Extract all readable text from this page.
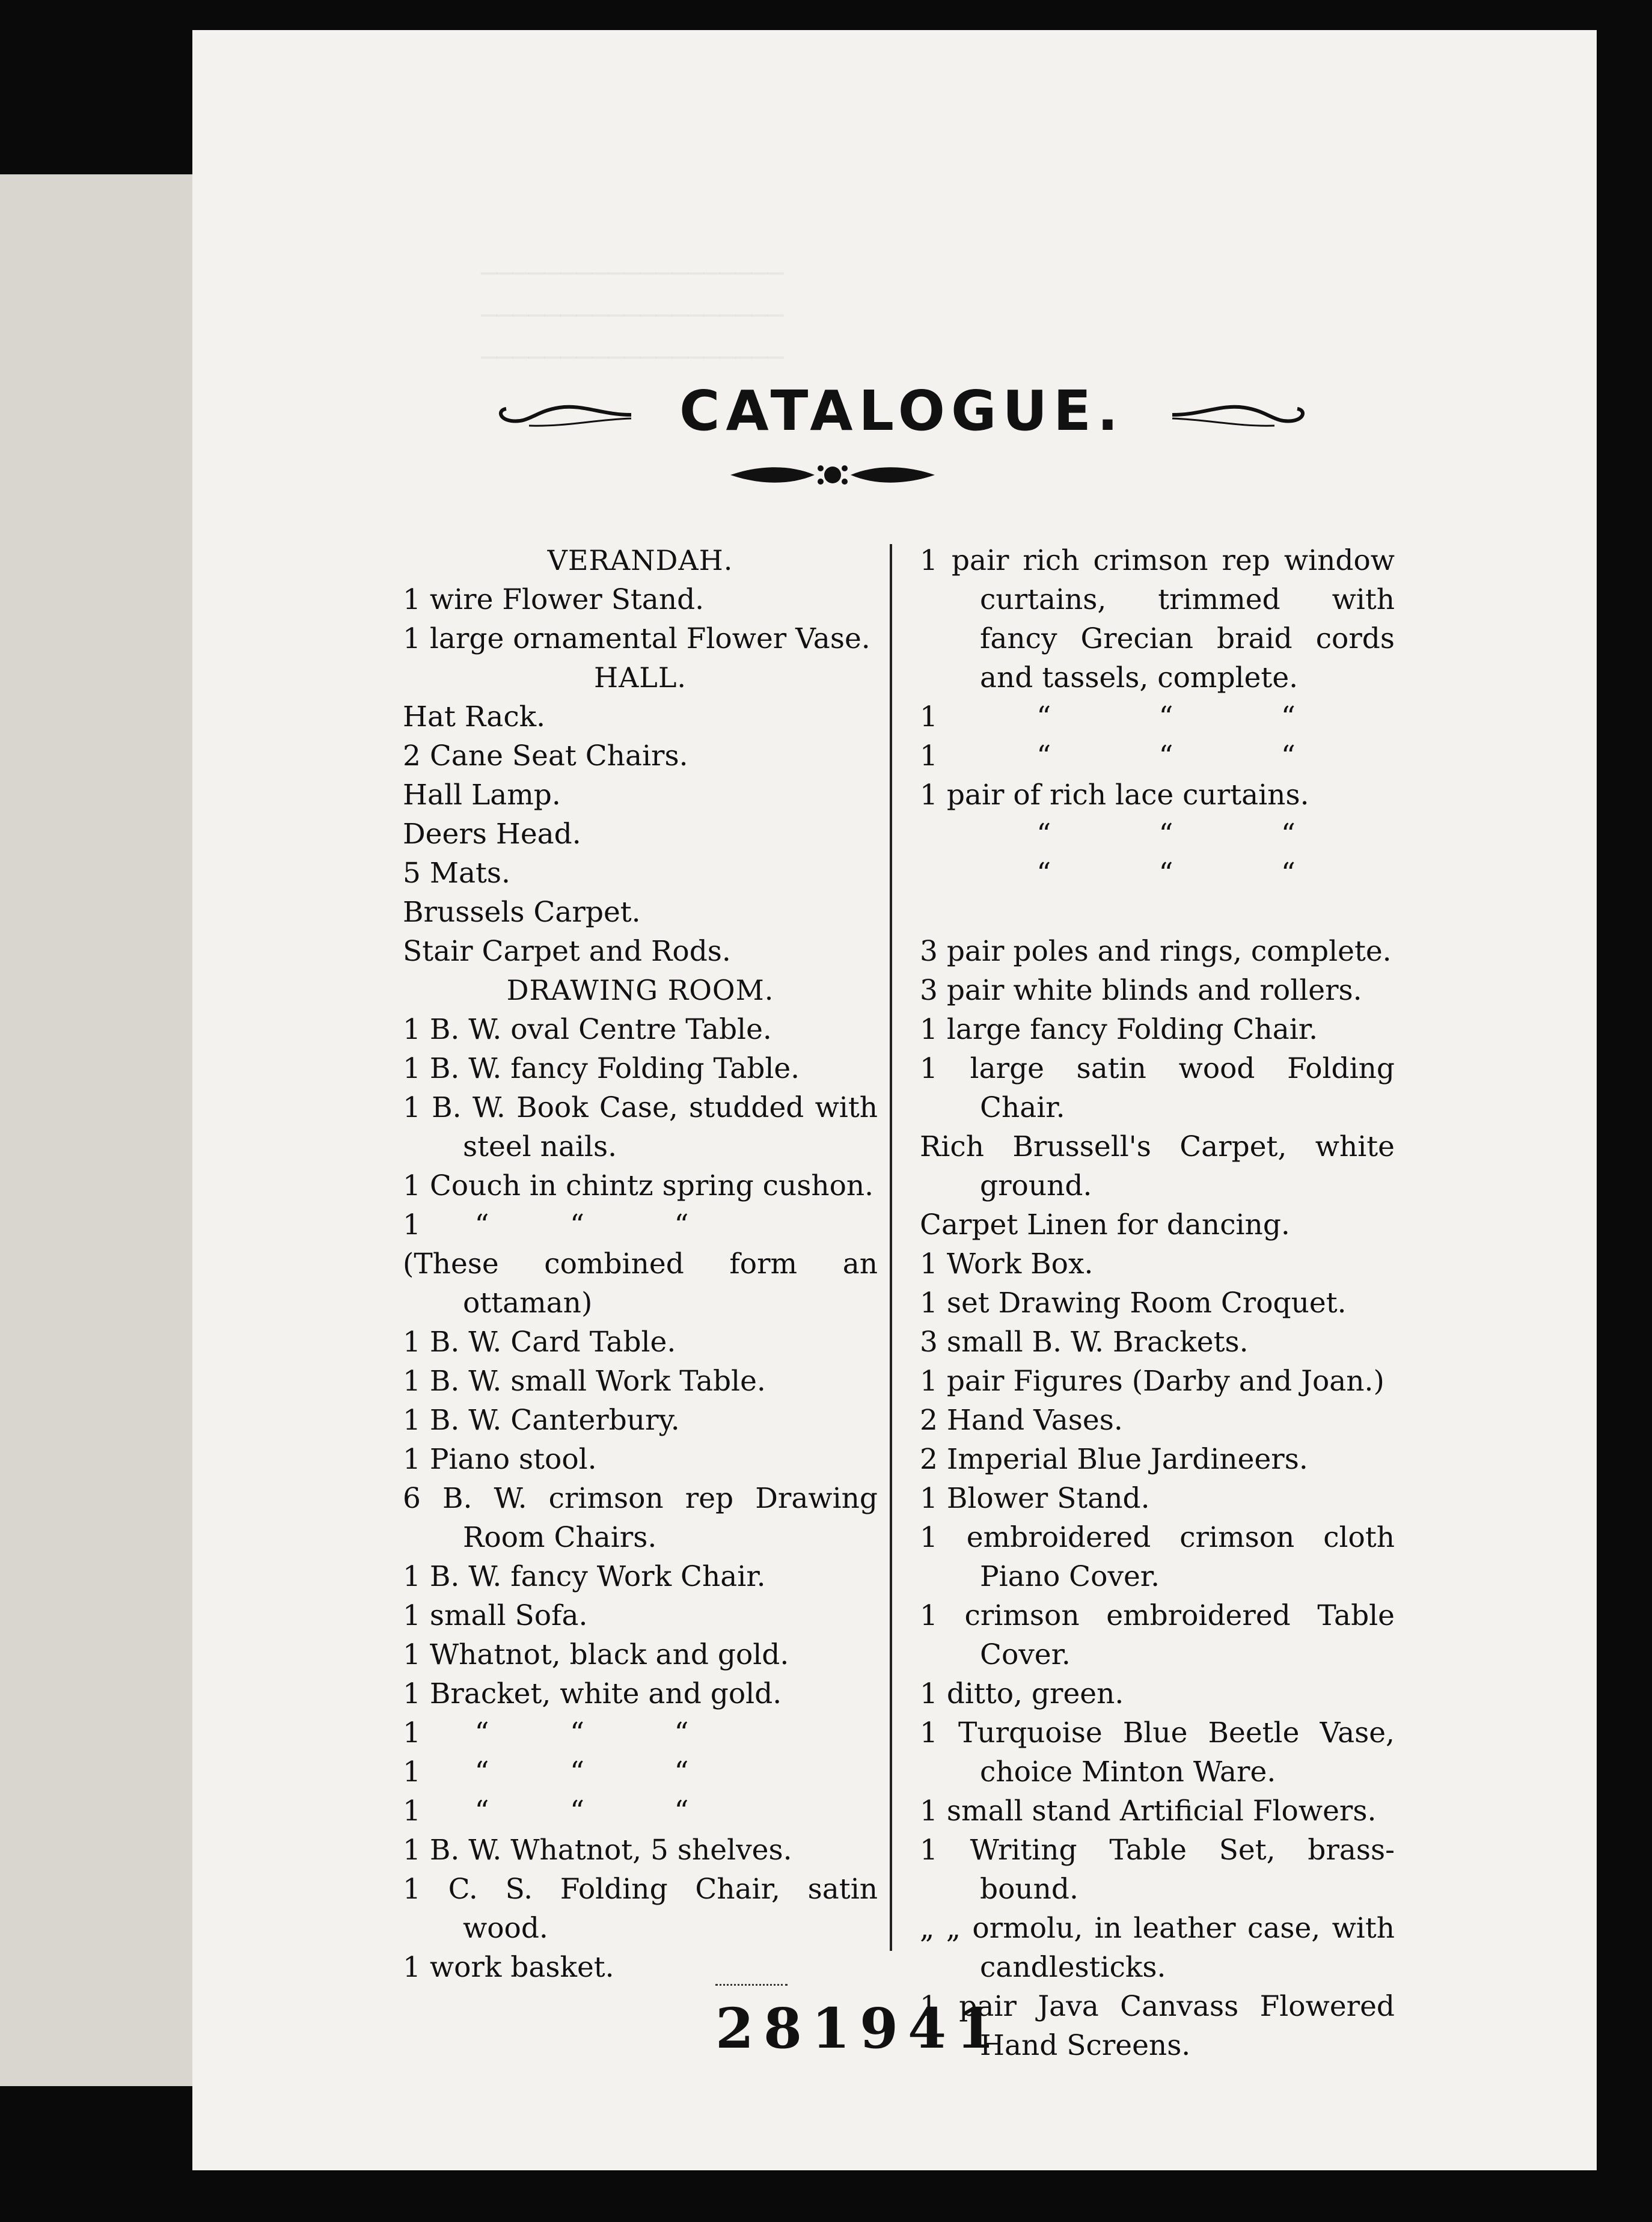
CATALOGUE.

VERANDAH.

1 wire Flower Stand.

1 large ornamental Flower Vase.

HALL.

Hat Rack.

2 Cane Seat Chairs.

Hall Lamp.

Deers Head.

5 Mats.

Brussels Carpet.

Stair Carpet and Rods.

DRAWING ROOM.

1 B. W. oval Centre Table.

1 B. W. fancy Folding Table.

1 B. W. Book Case, studded with steel nails.

1 Couch in chintz spring cushon.

1      “         “          “

(These combined form an ottaman)

1 B. W. Card Table.

1 B. W. small Work Table.

1 B. W. Canterbury.

1 Piano stool.

6 B. W. crimson rep Drawing Room Chairs.

1 B. W. fancy Work Chair.

1 small Sofa.

1 Whatnot, black and gold.

1 Bracket, white and gold.

1      “         “          “

1      “         “          “

1      “         “          “

1 B. W. Whatnot, 5 shelves.

1 C. S. Folding Chair, satin wood.

1 work basket.

1 pair rich crimson rep window curtains, trimmed with fancy Grecian braid cords and tassels, complete.

1           “            “            “

1           “            “            “

1 pair of rich lace curtains.

“            “            “

“            “            “

3 pair poles and rings, complete.

3 pair white blinds and rollers.

1 large fancy Folding Chair.

1 large satin wood Folding Chair.

Rich Brussell's Carpet, white ground.

Carpet Linen for dancing.

1 Work Box.

1 set Drawing Room Croquet.

3 small B. W. Brackets.

1 pair Figures (Darby and Joan.)

2 Hand Vases.

2 Imperial Blue Jardineers.

1 Blower Stand.

1 embroidered crimson cloth Piano Cover.

1 crimson embroidered Table Cover.

1 ditto, green.

1 Turquoise Blue Beetle Vase, choice Minton Ware.

1 small stand Artificial Flowers.

1 Writing Table Set, brass-bound.

„ „ ormolu, in leather case, with candlesticks.

1 pair Java Canvass Flowered Hand Screens.

281941
